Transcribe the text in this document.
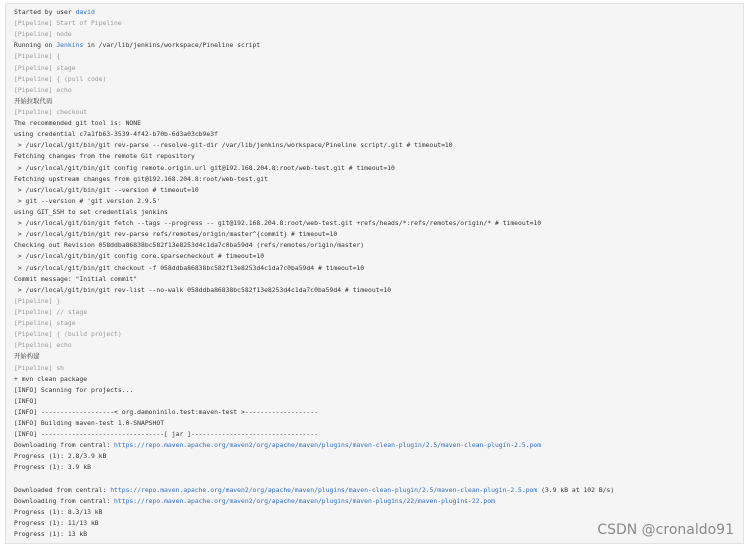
Started by user david
[Pipeline] Start of Pipeline
[Pipeline] node
Running on Jenkins in /var/lib/jenkins/workspace/Pineline script
[Pipeline] {
[Pipeline] stage
[Pipeline] { (pull code)
[Pipeline] echo
开始拉取代码
[Pipeline] checkout
The recommended git tool is: NONE
using credential c7a1fb63-3539-4f42-b70b-6d3a03cb9e3f
> /usr/local/git/bin/git rev-parse --resolve-git-dir /var/lib/jenkins/workspace/Pineline script/.git # timeout=10
Fetching changes from the remote Git repository
> /usr/local/git/bin/git config remote.origin.url git@192.168.204.8:root/web-test.git # timeout=10
Fetching upstream changes from git@192.168.204.8:root/web-test.git
> /usr/local/git/bin/git --version # timeout=10
> git --version # 'git version 2.9.5'
using GIT_SSH to set credentials jenkins
> /usr/local/git/bin/git fetch --tags --progress -- git@192.168.204.8:root/web-test.git +refs/heads/*:refs/remotes/origin/* # timeout=10
> /usr/local/git/bin/git rev-parse refs/remotes/origin/master^{commit} # timeout=10
Checking out Revision 058ddba86838bc582f13e8253d4c1da7c0ba59d4 (refs/remotes/origin/master)
> /usr/local/git/bin/git config core.sparsecheckout # timeout=10
> /usr/local/git/bin/git checkout -f 058ddba86838bc582f13e8253d4c1da7c0ba59d4 # timeout=10
Commit message: "Initial commit"
> /usr/local/git/bin/git rev-list --no-walk 058ddba86838bc582f13e8253d4c1da7c0ba59d4 # timeout=10
[Pipeline] }
[Pipeline] // stage
[Pipeline] stage
[Pipeline] { (build project)
[Pipeline] echo
开始构建
[Pipeline] sh
+ mvn clean package
[INFO] Scanning for projects...
[INFO]
[INFO] -------------------< org.damoninilo.test:maven-test >-------------------
[INFO] Building maven-test 1.0-SNAPSHOT
[INFO] --------------------------------[ jar ]---------------------------------
Downloading from central: https://repo.maven.apache.org/maven2/org/apache/maven/plugins/maven-clean-plugin/2.5/maven-clean-plugin-2.5.pom
Progress (1): 2.8/3.9 kB
Progress (1): 3.9 kB
Downloaded from central: https://repo.maven.apache.org/maven2/org/apache/maven/plugins/maven-clean-plugin/2.5/maven-clean-plugin-2.5.pom (3.9 kB at 102 B/s)
Downloading from central: https://repo.maven.apache.org/maven2/org/apache/maven/plugins/maven-plugins/22/maven-plugins-22.pom
Progress (1): 8.3/13 kB
Progress (1): 11/13 kB
Progress (1): 13 kB	CSDN @cronaldo91
